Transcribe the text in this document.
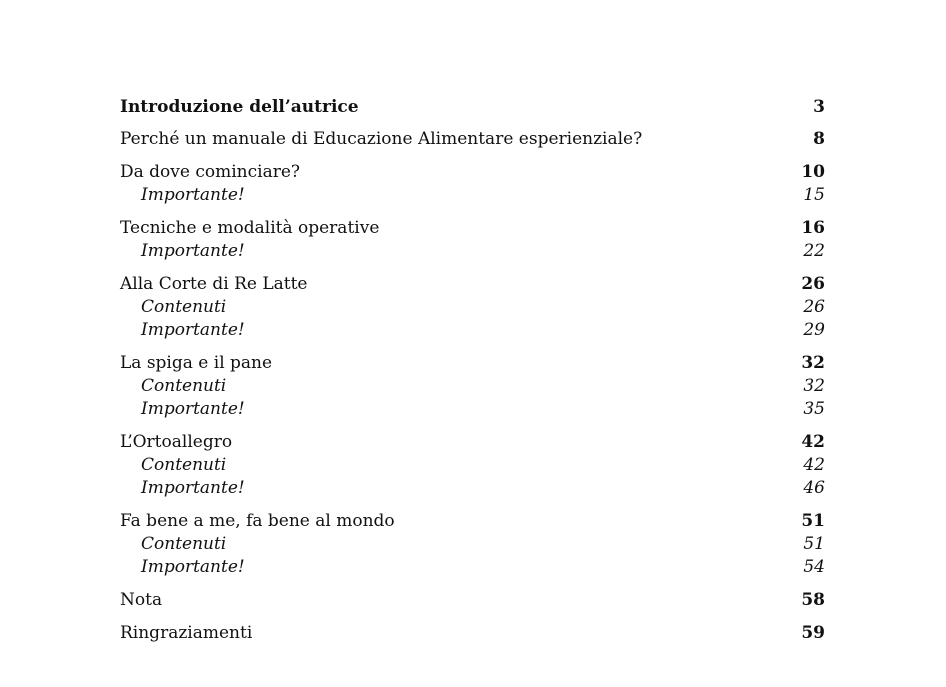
Introduzione dell’autrice	3
Perché un manuale di Educazione Alimentare esperienziale?	8
Da dove cominciare?	10
Importante!	15
Tecniche e modalità operative	16
Importante!	22
Alla Corte di Re Latte	26
Contenuti	26
Importante!	29
La spiga e il pane	32
Contenuti	32
Importante!	35
L’Ortoallegro	42
Contenuti	42
Importante!	46
Fa bene a me, fa bene al mondo	51
Contenuti	51
Importante!	54
Nota	58
Ringraziamenti	59
